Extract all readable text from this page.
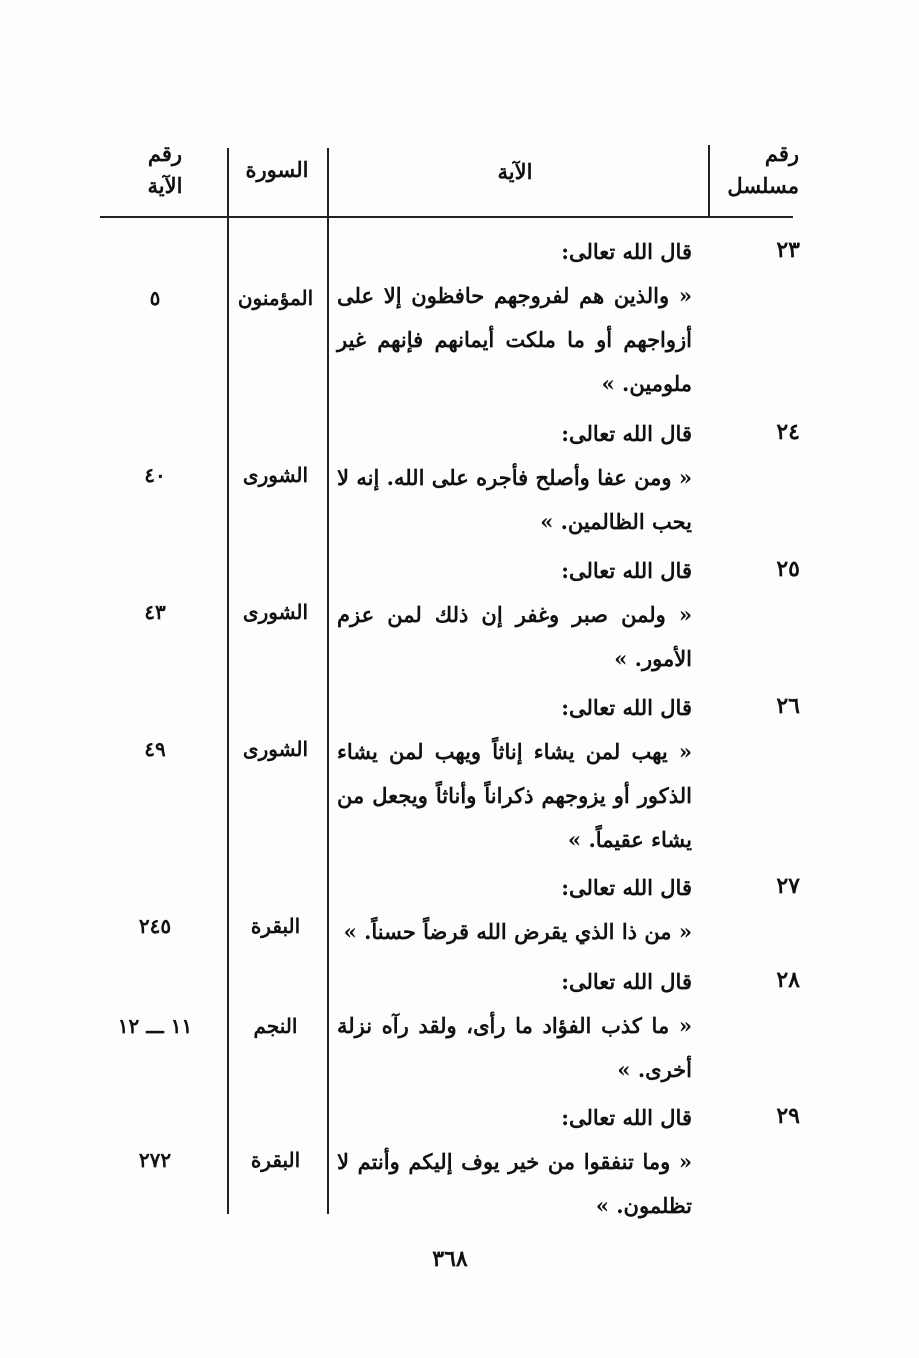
رقم
مسلسل
الآية
السورة
رقم
الآية
٢٣
قال الله تعالى:
« والذين هم لفروجهم حافظون إلا على أزواجهم أو ما ملكت أيمانهم فإنهم غير ملومين. »
المؤمنون
٥
٢٤
قال الله تعالى:
« ومن عفا وأصلح فأجره على الله. إنه لا يحب الظالمين. »
الشورى
٤٠
٢٥
قال الله تعالى:
« ولمن صبر وغفر إن ذلك لمن عزم الأمور. »
الشورى
٤٣
٢٦
قال الله تعالى:
« يهب لمن يشاء إناثاً ويهب لمن يشاء الذكور أو يزوجهم ذكراناً وأناثاً ويجعل من يشاء عقيماً. »
الشورى
٤٩
٢٧
قال الله تعالى:
« من ذا الذي يقرض الله قرضاً حسناً. »
البقرة
٢٤٥
٢٨
قال الله تعالى:
« ما كذب الفؤاد ما رأى، ولقد رآه نزلة أخرى. »
النجم
١١ ـــ ١٢
٢٩
قال الله تعالى:
« وما تنفقوا من خير يوف إليكم وأنتم لا تظلمون. »
البقرة
٢٧٢
٣٦٨
